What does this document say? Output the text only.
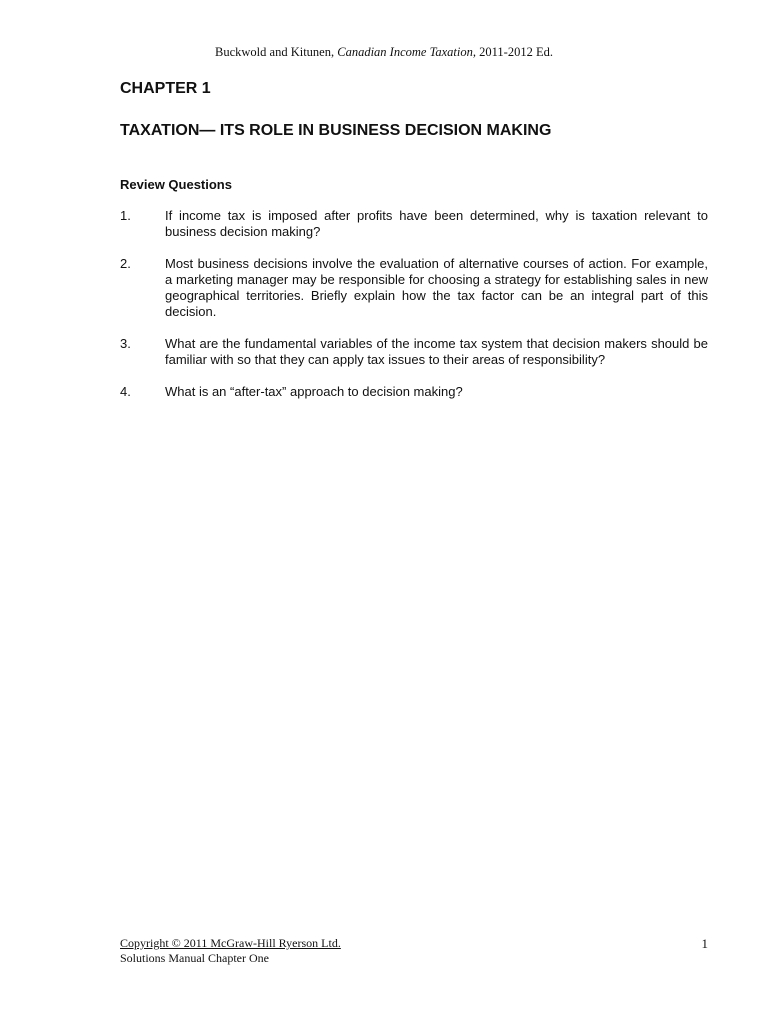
Buckwold and Kitunen, Canadian Income Taxation, 2011-2012 Ed.
CHAPTER 1
TAXATION— ITS ROLE IN BUSINESS DECISION MAKING
Review Questions
1.	If income tax is imposed after profits have been determined, why is taxation relevant to business decision making?
2.	Most business decisions involve the evaluation of alternative courses of action. For example, a marketing manager may be responsible for choosing a strategy for establishing sales in new geographical territories. Briefly explain how the tax factor can be an integral part of this decision.
3.	What are the fundamental variables of the income tax system that decision makers should be familiar with so that they can apply tax issues to their areas of responsibility?
4.	What is an “after-tax” approach to decision making?
Copyright © 2011 McGraw-Hill Ryerson Ltd.
Solutions Manual Chapter One
1
